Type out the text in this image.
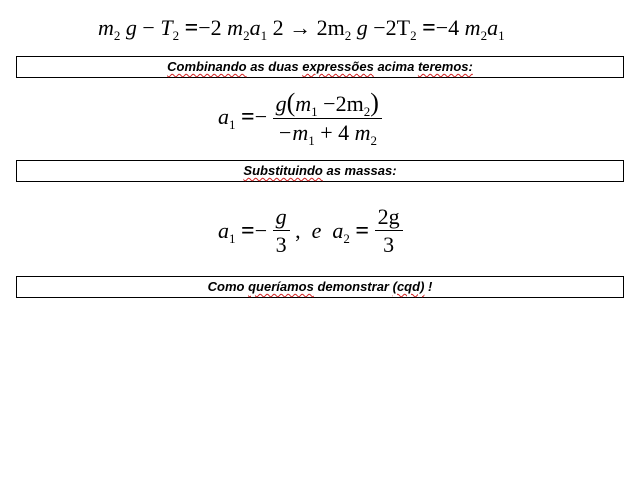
$m_2$ $g - T_2 =-2$ $m_2a_1$ $2 \to 2m_2$ $g -2T_2 =-4$ $m_2a_1$
Combinando as duas expressões acima teremos:
$a_1 =- \frac{g(m_1 -2m_2)}{-m_1 + 4 m_2}$
Substituindo as massas:
$a_1 =- \frac{g}{3}$ , e $a_2 = \frac{2g}{3}$
Como queríamos demonstrar (cqd) !
